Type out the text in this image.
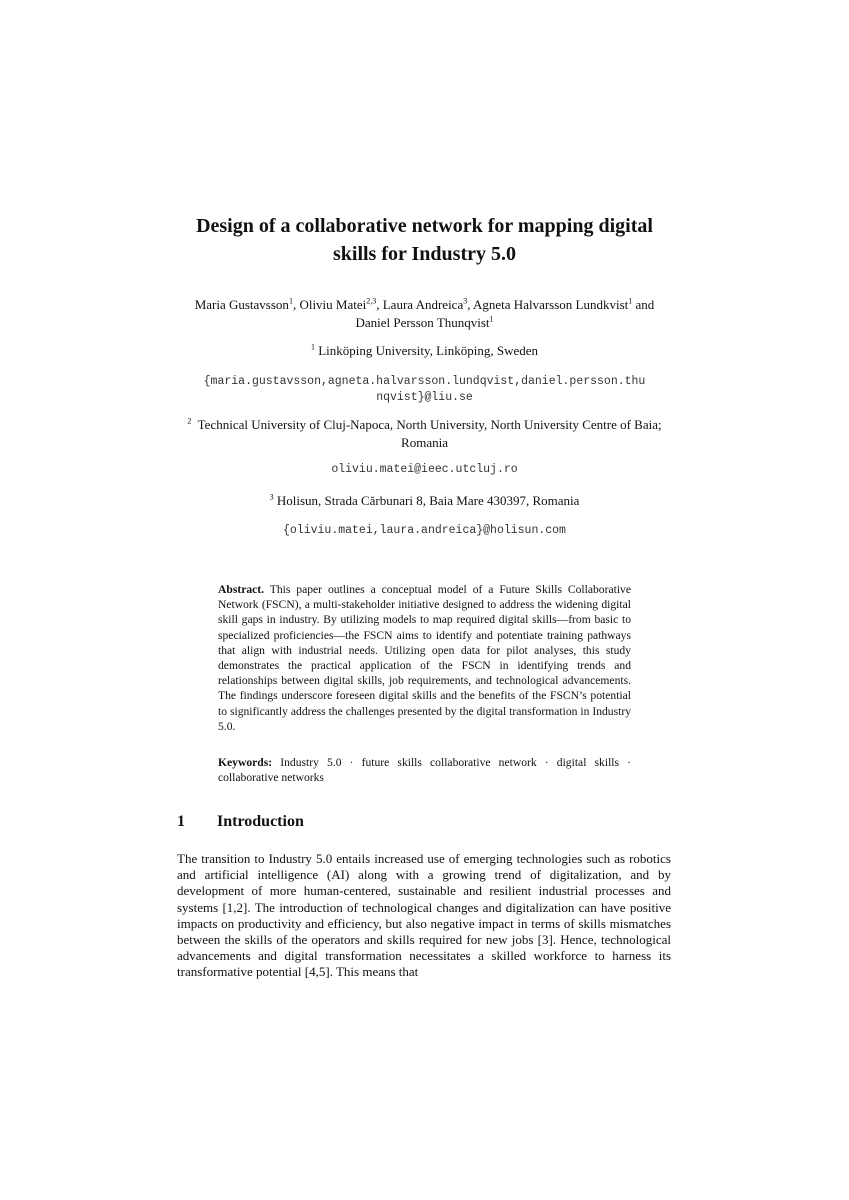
Design of a collaborative network for mapping digital
skills for Industry 5.0
Maria Gustavsson$^1$, Oliviu Matei$^{2,3}$, Laura Andreica$^3$, Agneta Halvarsson Lundkvist$^1$ and
Daniel Persson Thunqvist$^1$
$^1$ Linköping University, Linköping, Sweden
{maria.gustavsson,agneta.halvarsson.lundqvist,daniel.persson.thu
nqvist}@liu.se
$^2$ Technical University of Cluj-Napoca, North University, North University Centre of Baia;
Romania
oliviu.matei@ieec.utcluj.ro
$^3$ Holisun, Strada Cărbunari 8, Baia Mare 430397, Romania
{oliviu.matei,laura.andreica}@holisun.com
Abstract. This paper outlines a conceptual model of a Future Skills Collaborative Network (FSCN), a multi-stakeholder initiative designed to address the widening digital skill gaps in industry. By utilizing models to map required digital skills—from basic to specialized proficiencies—the FSCN aims to identify and potentiate training pathways that align with industrial needs. Utilizing open data for pilot analyses, this study demonstrates the practical application of the FSCN in identifying trends and relationships between digital skills, job requirements, and technological advancements. The findings underscore foreseen digital skills and the benefits of the FSCN’s potential to significantly address the challenges presented by the digital transformation in Industry 5.0.
Keywords: Industry 5.0 · future skills collaborative network · digital skills · collaborative networks
1 Introduction
The transition to Industry 5.0 entails increased use of emerging technologies such as robotics and artificial intelligence (AI) along with a growing trend of digitalization, and by development of more human-centered, sustainable and resilient industrial processes and systems [1,2]. The introduction of technological changes and digitalization can have positive impacts on productivity and efficiency, but also negative impact in terms of skills mismatches between the skills of the operators and skills required for new jobs [3]. Hence, technological advancements and digital transformation necessitates a skilled workforce to harness its transformative potential [4,5]. This means that
